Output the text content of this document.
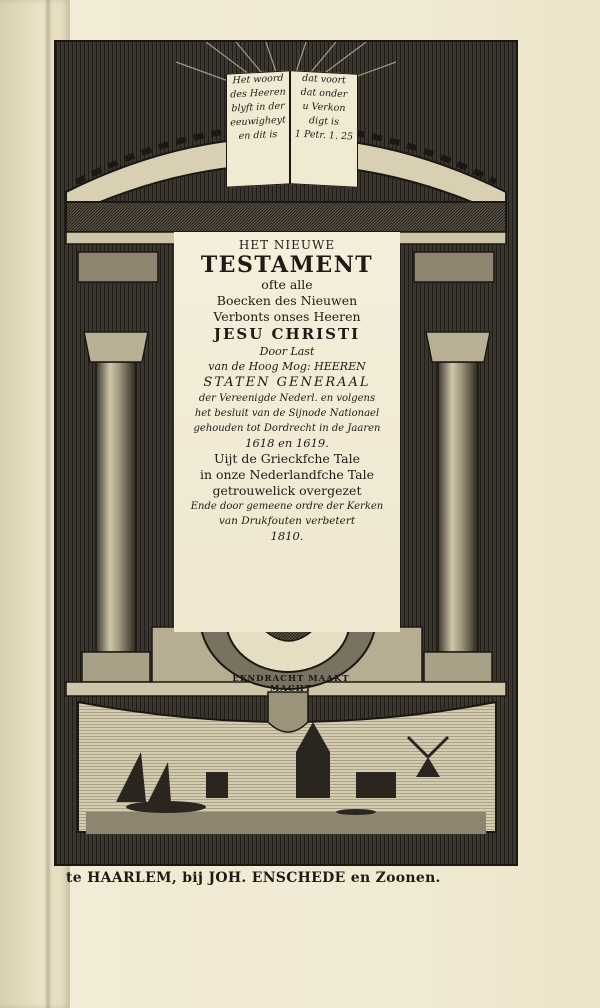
Het woord
des Heeren
blyft in der
eeuwigheyt
en dit is
dat voort
dat onder
u Verkon
digt is
1 Petr. 1. 25
HET NIEUWE
TESTAMENT
ofte alle
Boecken des Nieuwen
Verbonts onses Heeren
JESU CHRISTI
Door Last
van de Hoog Mog: HEEREN
STATEN GENERAAL
der Vereenigde Nederl. en volgens
het besluit van de Sijnode Nationael
gehouden tot Dordrecht in de Jaaren
1618 en 1619.
Uijt de Grieckfche Tale
in onze Nederlandfche Tale
getrouwelick overgezet
Ende door gemeene ordre der Kerken
van Drukfouten verbetert
1810.
EENDRACHT MAAKT MACHT
te HAARLEM, bij JOH. ENSCHEDE en Zoonen.
